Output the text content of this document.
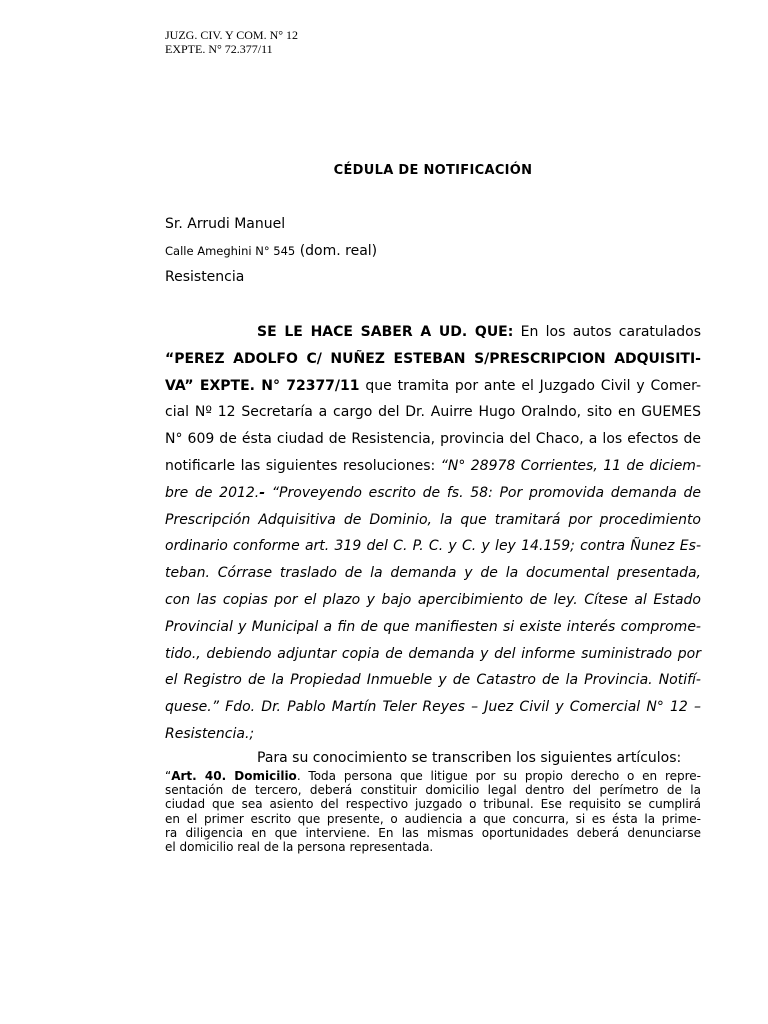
JUZG. CIV. Y COM. N° 12
EXPTE. N° 72.377/11
CÉDULA DE NOTIFICACIÓN
Sr. Arrudi Manuel
Calle Ameghini N° 545 (dom. real)
Resistencia
SE LE HACE SABER A UD. QUE: En los autos caratulados
“PEREZ ADOLFO C/ NUÑEZ ESTEBAN S/PRESCRIPCION ADQUISITI-
VA” EXPTE. N° 72377/11 que tramita por ante el Juzgado Civil y Comer-
cial Nº 12 Secretaría a cargo del Dr. Auirre Hugo Oralndo, sito en GUEMES
N° 609 de ésta ciudad de Resistencia, provincia del Chaco, a los efectos de
notificarle las siguientes resoluciones: “N° 28978 Corrientes, 11 de diciem-
bre de 2012.- “Proveyendo escrito de fs. 58: Por promovida demanda de
Prescripción Adquisitiva de Dominio, la que tramitará por procedimiento
ordinario conforme art. 319 del C. P. C. y C. y ley 14.159; contra Ñunez Es-
teban. Córrase traslado de la demanda y de la documental presentada,
con las copias por el plazo y bajo apercibimiento de ley. Cítese al Estado
Provincial y Municipal a fin de que manifiesten si existe interés comprome-
tido., debiendo adjuntar copia de demanda y del informe suministrado por
el Registro de la Propiedad Inmueble y de Catastro de la Provincia. Notifí-
quese.” Fdo. Dr. Pablo Martín Teler Reyes – Juez Civil y Comercial N° 12 –
Resistencia.;
Para su conocimiento se transcriben los siguientes artículos:
“Art. 40. Domicilio. Toda persona que litigue por su propio derecho o en repre-
sentación de tercero, deberá constituir domicilio legal dentro del perímetro de la
ciudad que sea asiento del respectivo juzgado o tribunal. Ese requisito se cumplirá
en el primer escrito que presente, o audiencia a que concurra, si es ésta la prime-
ra diligencia en que interviene. En las mismas oportunidades deberá denunciarse
el domicilio real de la persona representada.
